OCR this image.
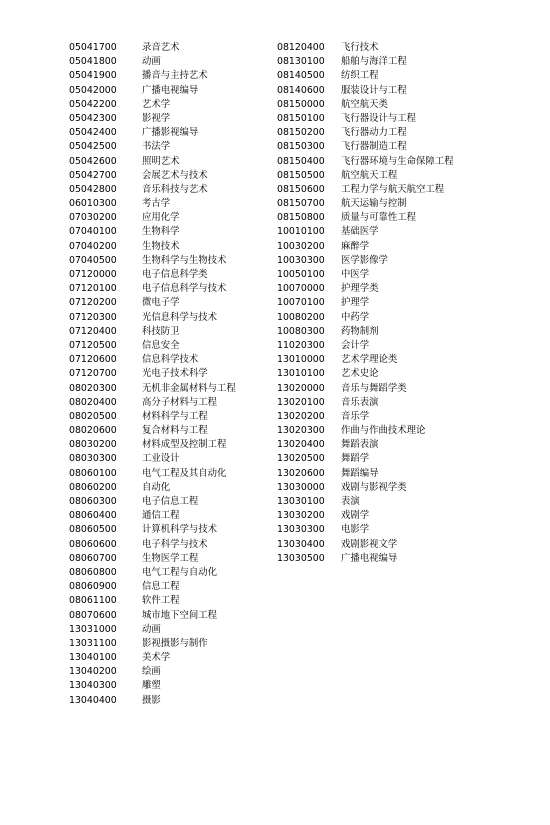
05041700	录音艺术
05041800	动画
05041900	播音与主持艺术
05042000	广播电视编导
05042200	艺术学
05042300	影视学
05042400	广播影视编导
05042500	书法学
05042600	照明艺术
05042700	会展艺术与技术
05042800	音乐科技与艺术
06010300	考古学
07030200	应用化学
07040100	生物科学
07040200	生物技术
07040500	生物科学与生物技术
07120000	电子信息科学类
07120100	电子信息科学与技术
07120200	微电子学
07120300	光信息科学与技术
07120400	科技防卫
07120500	信息安全
07120600	信息科学技术
07120700	光电子技术科学
08020300	无机非金属材料与工程
08020400	高分子材料与工程
08020500	材料科学与工程
08020600	复合材料与工程
08030200	材料成型及控制工程
08030300	工业设计
08060100	电气工程及其自动化
08060200	自动化
08060300	电子信息工程
08060400	通信工程
08060500	计算机科学与技术
08060600	电子科学与技术
08060700	生物医学工程
08060800	电气工程与自动化
08060900	信息工程
08061100	软件工程
08070600	城市地下空间工程
13031000	动画
13031100	影视摄影与制作
13040100	美术学
13040200	绘画
13040300	雕塑
13040400	摄影
08120400 飞行技术
08130100 船舶与海洋工程
08140500 纺织工程
08140600 服装设计与工程
08150000 航空航天类
08150100 飞行器设计与工程
08150200 飞行器动力工程
08150300 飞行器制造工程
08150400 飞行器环境与生命保障工程
08150500 航空航天工程
08150600 工程力学与航天航空工程
08150700 航天运输与控制
08150800 质量与可靠性工程
10010100 基础医学
10030200 麻醉学
10030300 医学影像学
10050100 中医学
10070000 护理学类
10070100 护理学
10080200 中药学
10080300 药物制剂
11020300 会计学
13010000 艺术学理论类
13010100 艺术史论
13020000 音乐与舞蹈学类
13020100 音乐表演
13020200 音乐学
13020300 作曲与作曲技术理论
13020400 舞蹈表演
13020500 舞蹈学
13020600 舞蹈编导
13030000 戏剧与影视学类
13030100 表演
13030200 戏剧学
13030300 电影学
13030400 戏剧影视文学
13030500 广播电视编导
